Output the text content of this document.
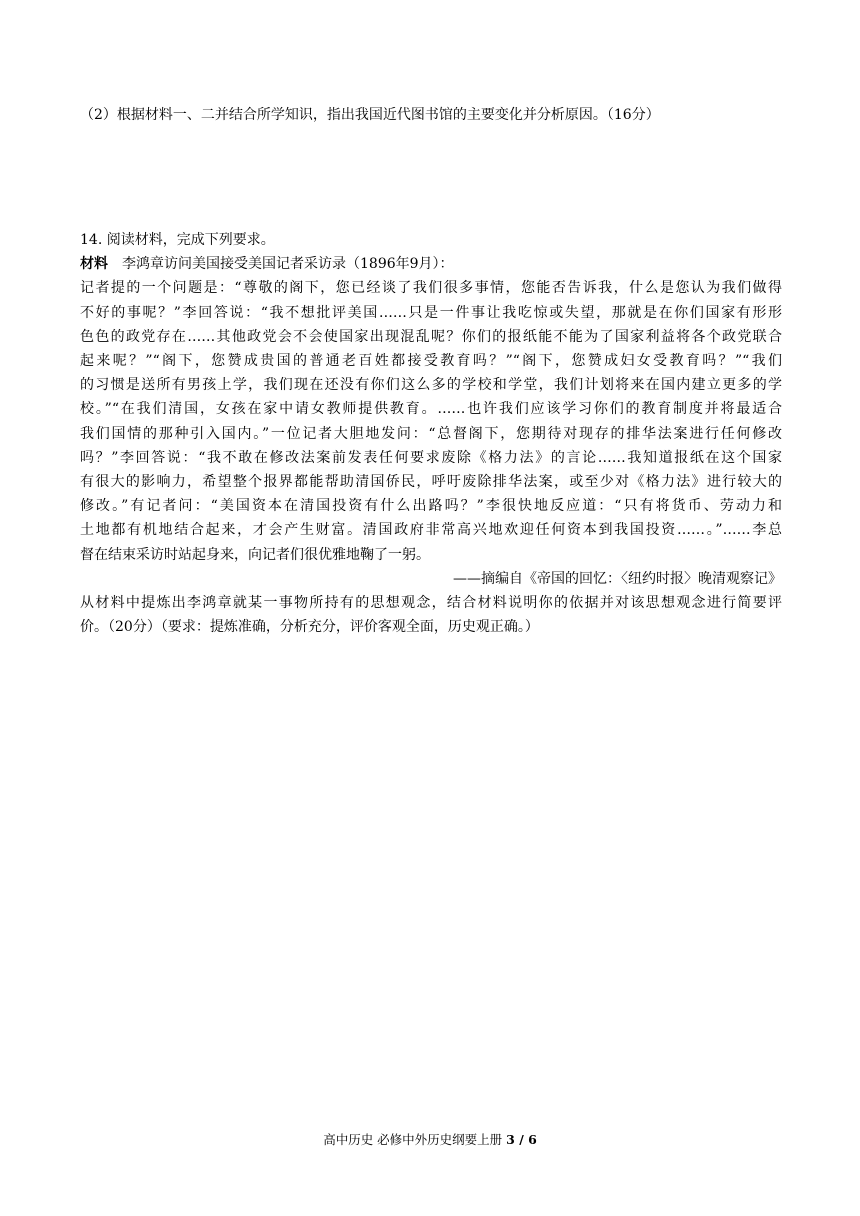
（2）根据材料一、二并结合所学知识，指出我国近代图书馆的主要变化并分析原因。（16分）
14. 阅读材料，完成下列要求。
材料 李鸿章访问美国接受美国记者采访录（1896年9月）：
记者提的一个问题是：“尊敬的阁下，您已经谈了我们很多事情，您能否告诉我，什么是您认为我们做得
不好的事呢？”李回答说：“我不想批评美国……只是一件事让我吃惊或失望，那就是在你们国家有形形
色色的政党存在……其他政党会不会使国家出现混乱呢？你们的报纸能不能为了国家利益将各个政党联合
起来呢？”“阁下，您赞成贵国的普通老百姓都接受教育吗？”“阁下，您赞成妇女受教育吗？”“我们
的习惯是送所有男孩上学，我们现在还没有你们这么多的学校和学堂，我们计划将来在国内建立更多的学
校。”“在我们清国，女孩在家中请女教师提供教育。……也许我们应该学习你们的教育制度并将最适合
我们国情的那种引入国内。”一位记者大胆地发问：“总督阁下，您期待对现存的排华法案进行任何修改
吗？”李回答说：“我不敢在修改法案前发表任何要求废除《格力法》的言论……我知道报纸在这个国家
有很大的影响力，希望整个报界都能帮助清国侨民，呼吁废除排华法案，或至少对《格力法》进行较大的
修改。”有记者问：“美国资本在清国投资有什么出路吗？”李很快地反应道：“只有将货币、劳动力和
土地都有机地结合起来，才会产生财富。清国政府非常高兴地欢迎任何资本到我国投资……。”……李总
督在结束采访时站起身来，向记者们很优雅地鞠了一躬。
——摘编自《帝国的回忆：〈纽约时报〉晚清观察记》
从材料中提炼出李鸿章就某一事物所持有的思想观念，结合材料说明你的依据并对该思想观念进行简要评
价。（20分）（要求：提炼准确，分析充分，评价客观全面，历史观正确。）
高中历史 必修中外历史纲要上册 3 / 6
